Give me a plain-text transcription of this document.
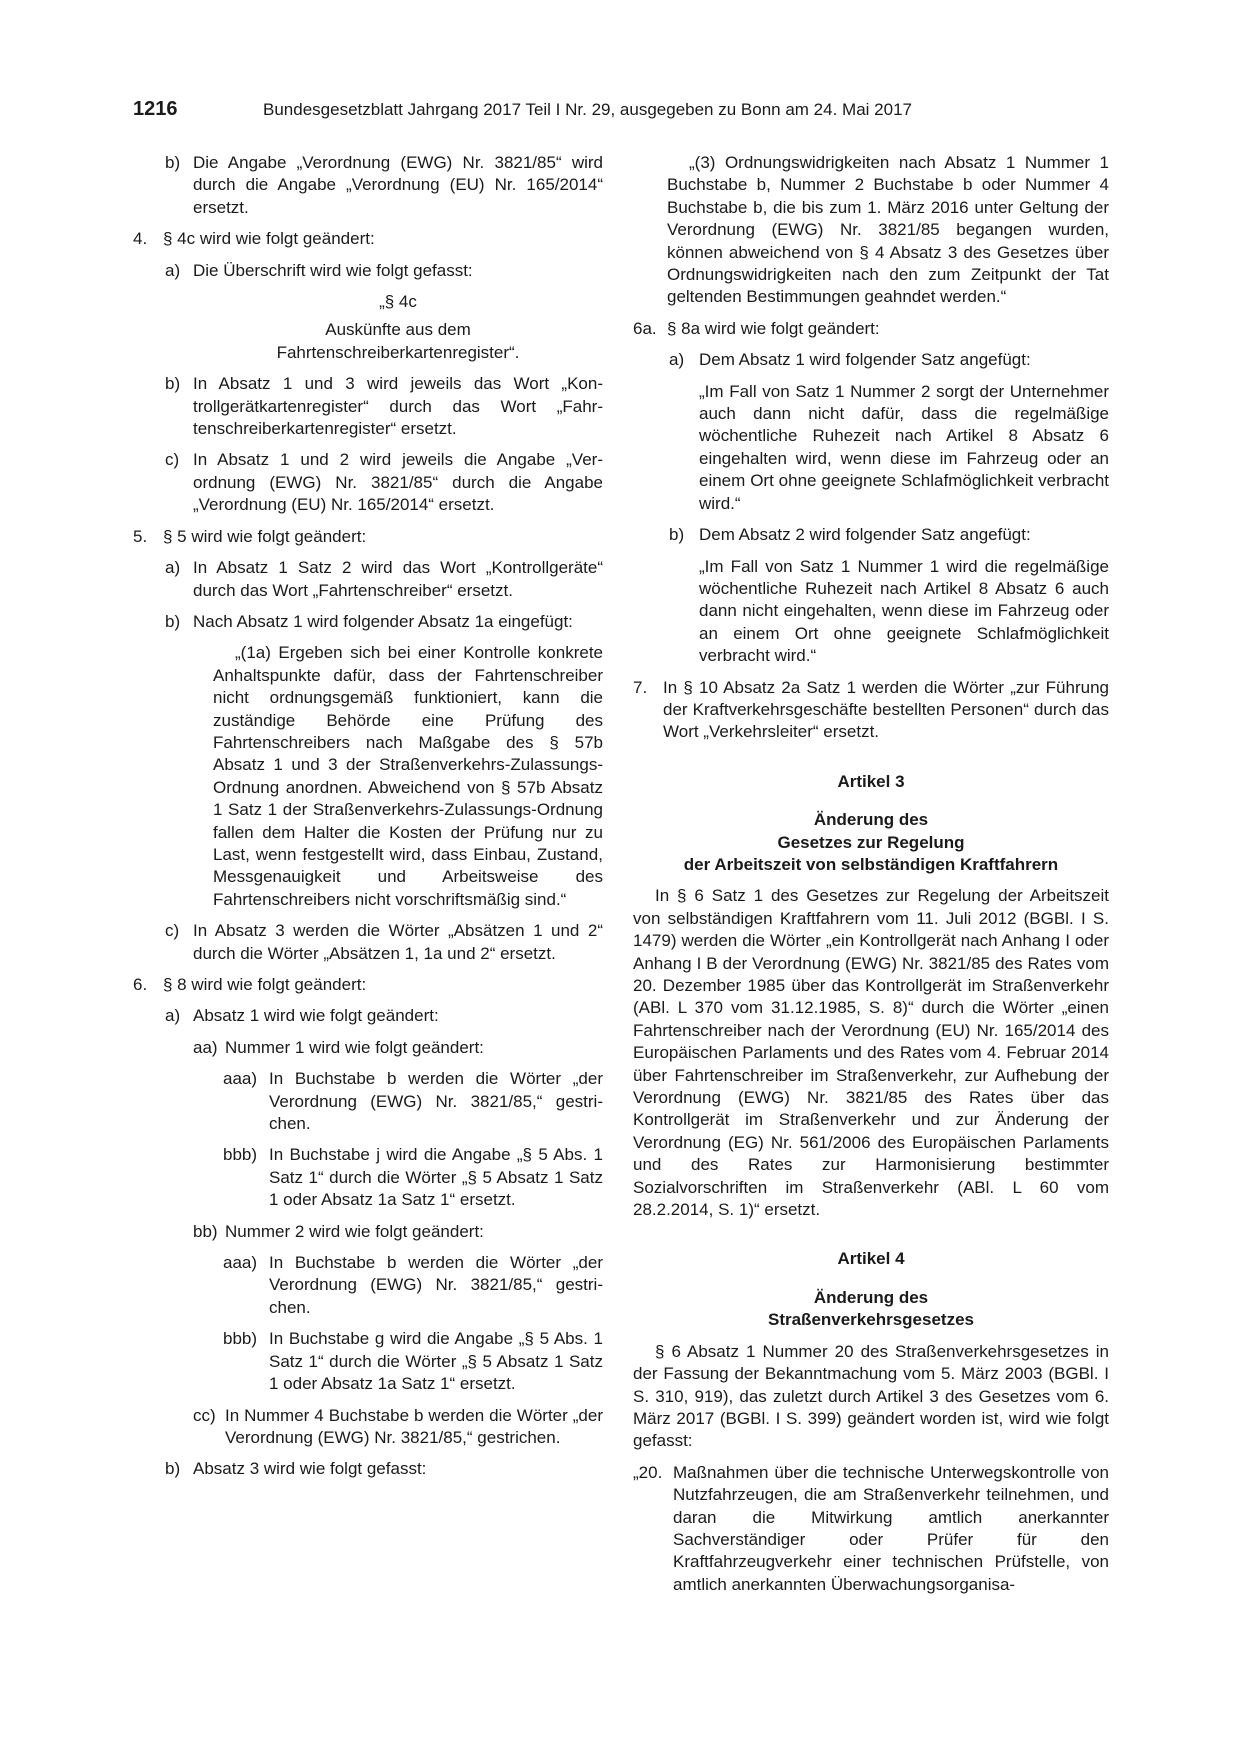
1216	Bundesgesetzblatt Jahrgang 2017 Teil I Nr. 29, ausgegeben zu Bonn am 24. Mai 2017

b) Die Angabe „Verordnung (EWG) Nr. 3821/85“ wird durch die Angabe „Verordnung (EU) Nr. 165/2014“ ersetzt.

4. § 4c wird wie folgt geändert:

a) Die Überschrift wird wie folgt gefasst:

„§ 4c

Auskünfte aus dem

Fahrtenschreiberkartenregister“.

b) In Absatz 1 und 3 wird jeweils das Wort „Kontrollgerätkartenregister“ durch das Wort „Fahrtenschreiberkartenregister“ ersetzt.

c) In Absatz 1 und 2 wird jeweils die Angabe „Verordnung (EWG) Nr. 3821/85“ durch die Angabe „Verordnung (EU) Nr. 165/2014“ ersetzt.

5. § 5 wird wie folgt geändert:

a) In Absatz 1 Satz 2 wird das Wort „Kontrollgeräte“ durch das Wort „Fahrtenschreiber“ ersetzt.

b) Nach Absatz 1 wird folgender Absatz 1a eingefügt:

„(1a) Ergeben sich bei einer Kontrolle konkrete Anhaltspunkte dafür, dass der Fahrtenschreiber nicht ordnungsgemäß funktioniert, kann die zuständige Behörde eine Prüfung des Fahrtenschreibers nach Maßgabe des § 57b Absatz 1 und 3 der Straßenverkehrs-Zulassungs-Ordnung anordnen. Abweichend von § 57b Absatz 1 Satz 1 der Straßenverkehrs-Zulassungs-Ordnung fallen dem Halter die Kosten der Prüfung nur zu Last, wenn festgestellt wird, dass Einbau, Zustand, Messgenauigkeit und Arbeitsweise des Fahrtenschreibers nicht vorschriftsmäßig sind.“

c) In Absatz 3 werden die Wörter „Absätzen 1 und 2“ durch die Wörter „Absätzen 1, 1a und 2“ ersetzt.

6. § 8 wird wie folgt geändert:

a) Absatz 1 wird wie folgt geändert:

aa) Nummer 1 wird wie folgt geändert:

aaa) In Buchstabe b werden die Wörter „der Verordnung (EWG) Nr. 3821/85,“ gestrichen.

bbb) In Buchstabe j wird die Angabe „§ 5 Abs. 1 Satz 1“ durch die Wörter „§ 5 Absatz 1 Satz 1 oder Absatz 1a Satz 1“ ersetzt.

bb) Nummer 2 wird wie folgt geändert:

aaa) In Buchstabe b werden die Wörter „der Verordnung (EWG) Nr. 3821/85,“ gestrichen.

bbb) In Buchstabe g wird die Angabe „§ 5 Abs. 1 Satz 1“ durch die Wörter „§ 5 Absatz 1 Satz 1 oder Absatz 1a Satz 1“ ersetzt.

cc) In Nummer 4 Buchstabe b werden die Wörter „der Verordnung (EWG) Nr. 3821/85,“ gestrichen.

b) Absatz 3 wird wie folgt gefasst:

„(3) Ordnungswidrigkeiten nach Absatz 1 Nummer 1 Buchstabe b, Nummer 2 Buchstabe b oder Nummer 4 Buchstabe b, die bis zum 1. März 2016 unter Geltung der Verordnung (EWG) Nr. 3821/85 begangen wurden, können abweichend von § 4 Absatz 3 des Gesetzes über Ordnungswidrigkeiten nach den zum Zeitpunkt der Tat geltenden Bestimmungen geahndet werden.“

6a. § 8a wird wie folgt geändert:

a) Dem Absatz 1 wird folgender Satz angefügt:

„Im Fall von Satz 1 Nummer 2 sorgt der Unternehmer auch dann nicht dafür, dass die regelmäßige wöchentliche Ruhezeit nach Artikel 8 Absatz 6 eingehalten wird, wenn diese im Fahrzeug oder an einem Ort ohne geeignete Schlafmöglichkeit verbracht wird.“

b) Dem Absatz 2 wird folgender Satz angefügt:

„Im Fall von Satz 1 Nummer 1 wird die regelmäßige wöchentliche Ruhezeit nach Artikel 8 Absatz 6 auch dann nicht eingehalten, wenn diese im Fahrzeug oder an einem Ort ohne geeignete Schlafmöglichkeit verbracht wird.“

7. In § 10 Absatz 2a Satz 1 werden die Wörter „zur Führung der Kraftverkehrsgeschäfte bestellten Personen“ durch das Wort „Verkehrsleiter“ ersetzt.

Artikel 3

Änderung des

Gesetzes zur Regelung

der Arbeitszeit von selbständigen Kraftfahrern

In § 6 Satz 1 des Gesetzes zur Regelung der Arbeitszeit von selbständigen Kraftfahrern vom 11. Juli 2012 (BGBl. I S. 1479) werden die Wörter „ein Kontrollgerät nach Anhang I oder Anhang I B der Verordnung (EWG) Nr. 3821/85 des Rates vom 20. Dezember 1985 über das Kontrollgerät im Straßenverkehr (ABl. L 370 vom 31.12.1985, S. 8)“ durch die Wörter „einen Fahrtenschreiber nach der Verordnung (EU) Nr. 165/2014 des Europäischen Parlaments und des Rates vom 4. Februar 2014 über Fahrtenschreiber im Straßenverkehr, zur Aufhebung der Verordnung (EWG) Nr. 3821/85 des Rates über das Kontrollgerät im Straßenverkehr und zur Änderung der Verordnung (EG) Nr. 561/2006 des Europäischen Parlaments und des Rates zur Harmonisierung bestimmter Sozialvorschriften im Straßenverkehr (ABl. L 60 vom 28.2.2014, S. 1)“ ersetzt.

Artikel 4

Änderung des

Straßenverkehrsgesetzes

§ 6 Absatz 1 Nummer 20 des Straßenverkehrsgesetzes in der Fassung der Bekanntmachung vom 5. März 2003 (BGBl. I S. 310, 919), das zuletzt durch Artikel 3 des Gesetzes vom 6. März 2017 (BGBl. I S. 399) geändert worden ist, wird wie folgt gefasst:

„20. Maßnahmen über die technische Unterwegskontrolle von Nutzfahrzeugen, die am Straßenverkehr teilnehmen, und daran die Mitwirkung amtlich anerkannter Sachverständiger oder Prüfer für den Kraftfahrzeugverkehr einer technischen Prüfstelle, von amtlich anerkannten Überwachungsorganisa-
